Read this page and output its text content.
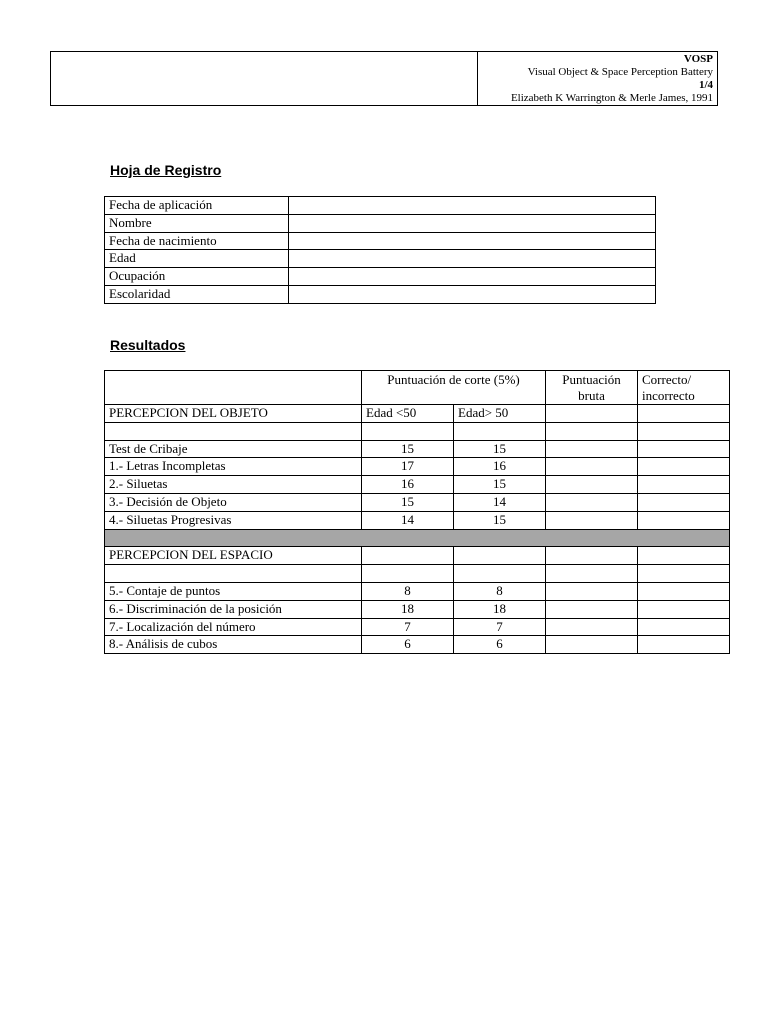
VOSP
Visual Object & Space Perception Battery
1/4
Elizabeth K Warrington & Merle James, 1991
Hoja de Registro
Fecha de aplicación	
Nombre	
Fecha de nacimiento	
Edad	
Ocupación	
Escolaridad	
Resultados
	Puntuación de corte (5%)		Puntuación bruta	Correcto/ incorrecto
PERCEPCION DEL OBJETO	Edad <50	Edad> 50		

Test de Cribaje	15	15		
1.- Letras Incompletas	17	16		
2.- Siluetas	16	15		
3.- Decisión de Objeto	15	14		
4.- Siluetas Progresivas	14	15		

PERCEPCION DEL ESPACIO				

5.- Contaje de puntos	8	8		
6.- Discriminación de la posición	18	18		
7.- Localización del número	7	7		
8.- Análisis de cubos	6	6		
